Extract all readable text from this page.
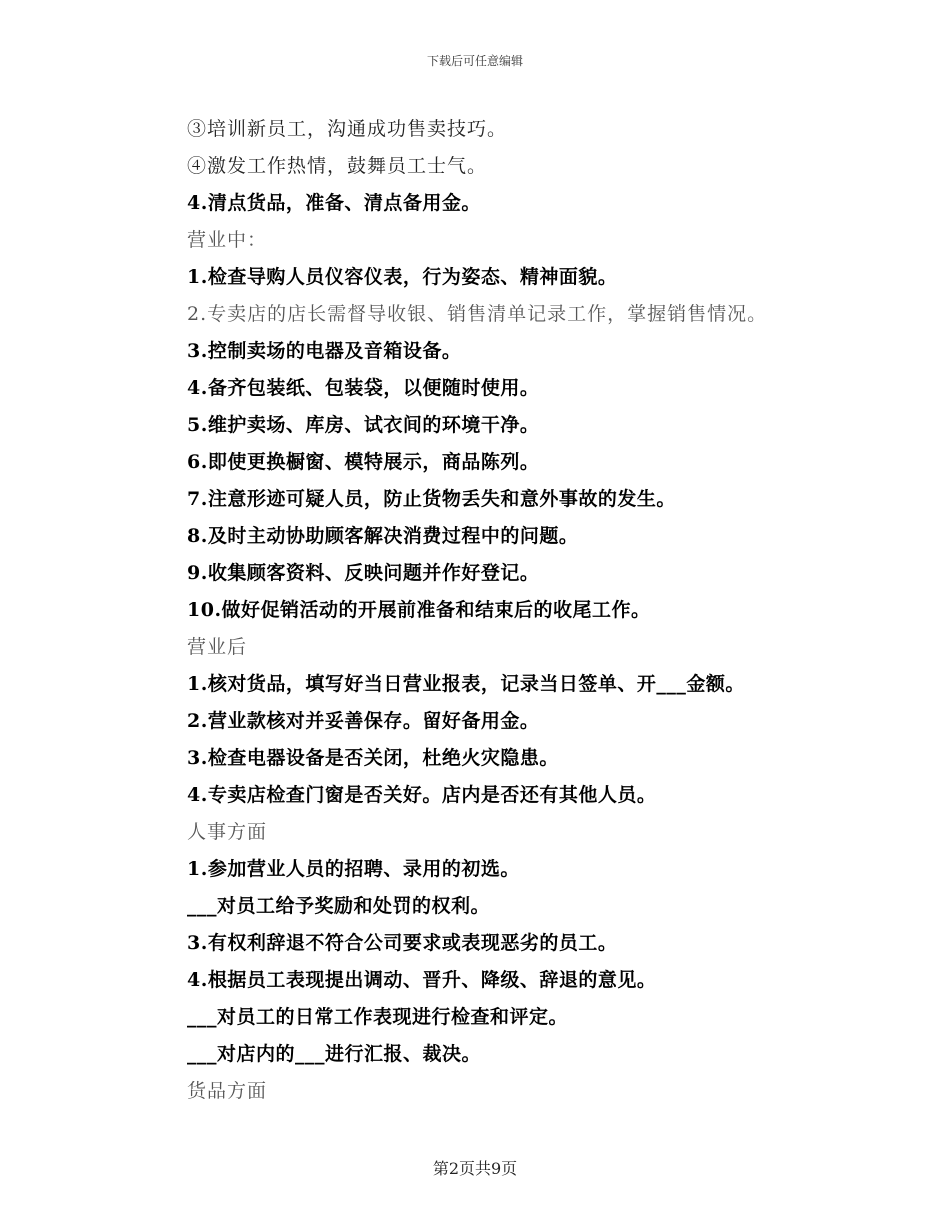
下载后可任意编辑
③培训新员工，沟通成功售卖技巧。
④激发工作热情，鼓舞员工士气。
4.清点货品，准备、清点备用金。
营业中：
1.检查导购人员仪容仪表，行为姿态、精神面貌。
2.专卖店的店长需督导收银、销售清单记录工作，掌握销售情况。
3.控制卖场的电器及音箱设备。
4.备齐包装纸、包装袋，以便随时使用。
5.维护卖场、库房、试衣间的环境干净。
6.即使更换橱窗、模特展示，商品陈列。
7.注意形迹可疑人员，防止货物丢失和意外事故的发生。
8.及时主动协助顾客解决消费过程中的问题。
9.收集顾客资料、反映问题并作好登记。
10.做好促销活动的开展前准备和结束后的收尾工作。
营业后
1.核对货品，填写好当日营业报表，记录当日签单、开___金额。
2.营业款核对并妥善保存。留好备用金。
3.检查电器设备是否关闭，杜绝火灾隐患。
4.专卖店检查门窗是否关好。店内是否还有其他人员。
人事方面
1.参加营业人员的招聘、录用的初选。
___对员工给予奖励和处罚的权利。
3.有权利辞退不符合公司要求或表现恶劣的员工。
4.根据员工表现提出调动、晋升、降级、辞退的意见。
___对员工的日常工作表现进行检查和评定。
___对店内的___进行汇报、裁决。
货品方面
第2页共9页
